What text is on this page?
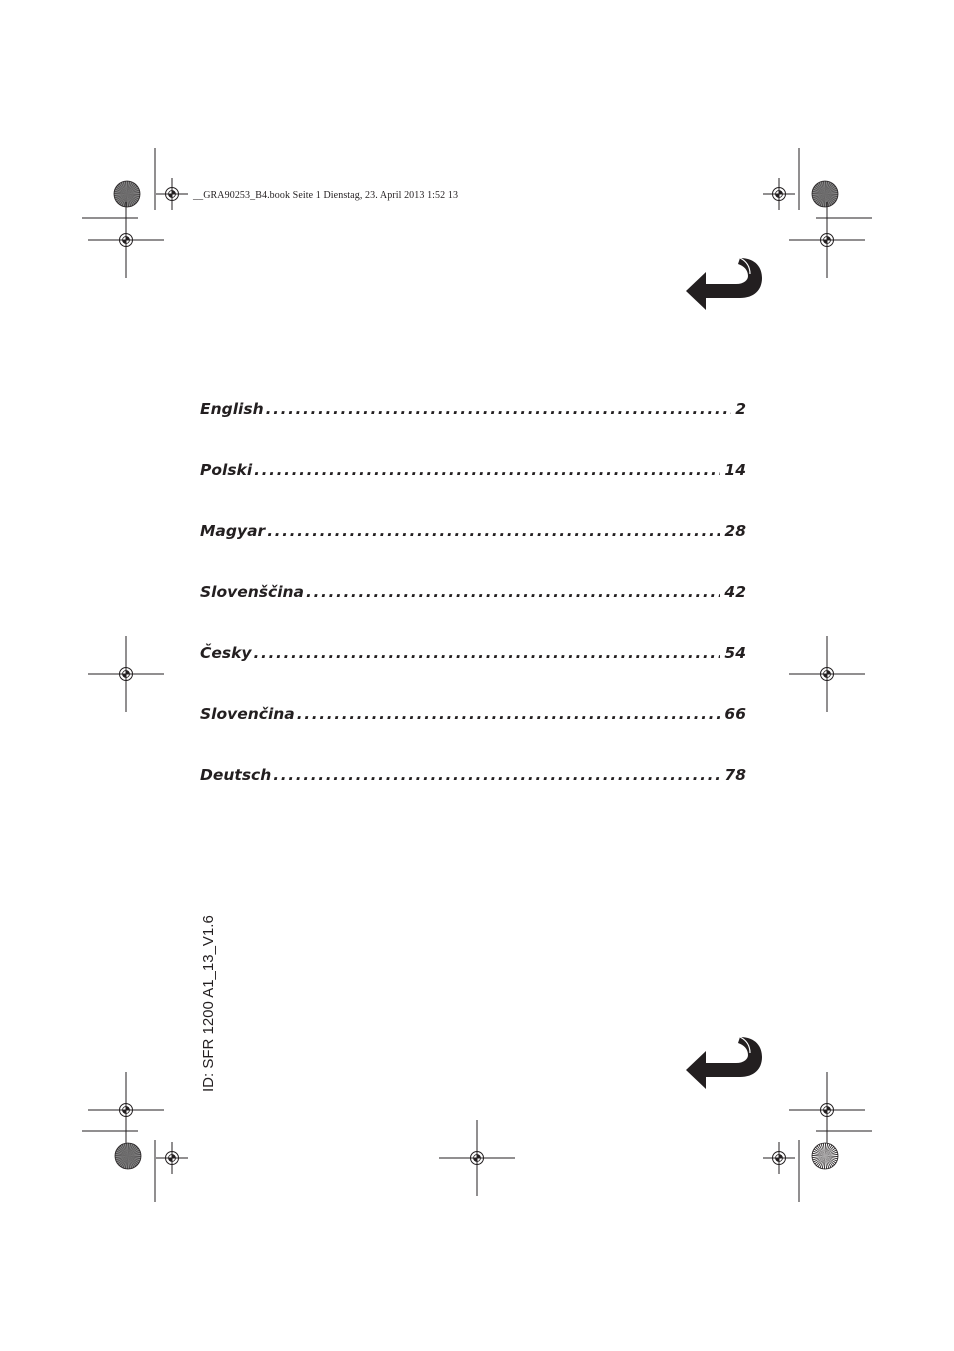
__GRA90253_B4.book Seite 1 Dienstag, 23. April 2013 1:52 13
English .....	2
Polski .....	14
Magyar .....	28
Slovenščina .....	42
Česky .....	54
Slovenčina .....	66
Deutsch .....	78
ID: SFR 1200 A1_13_V1.6
